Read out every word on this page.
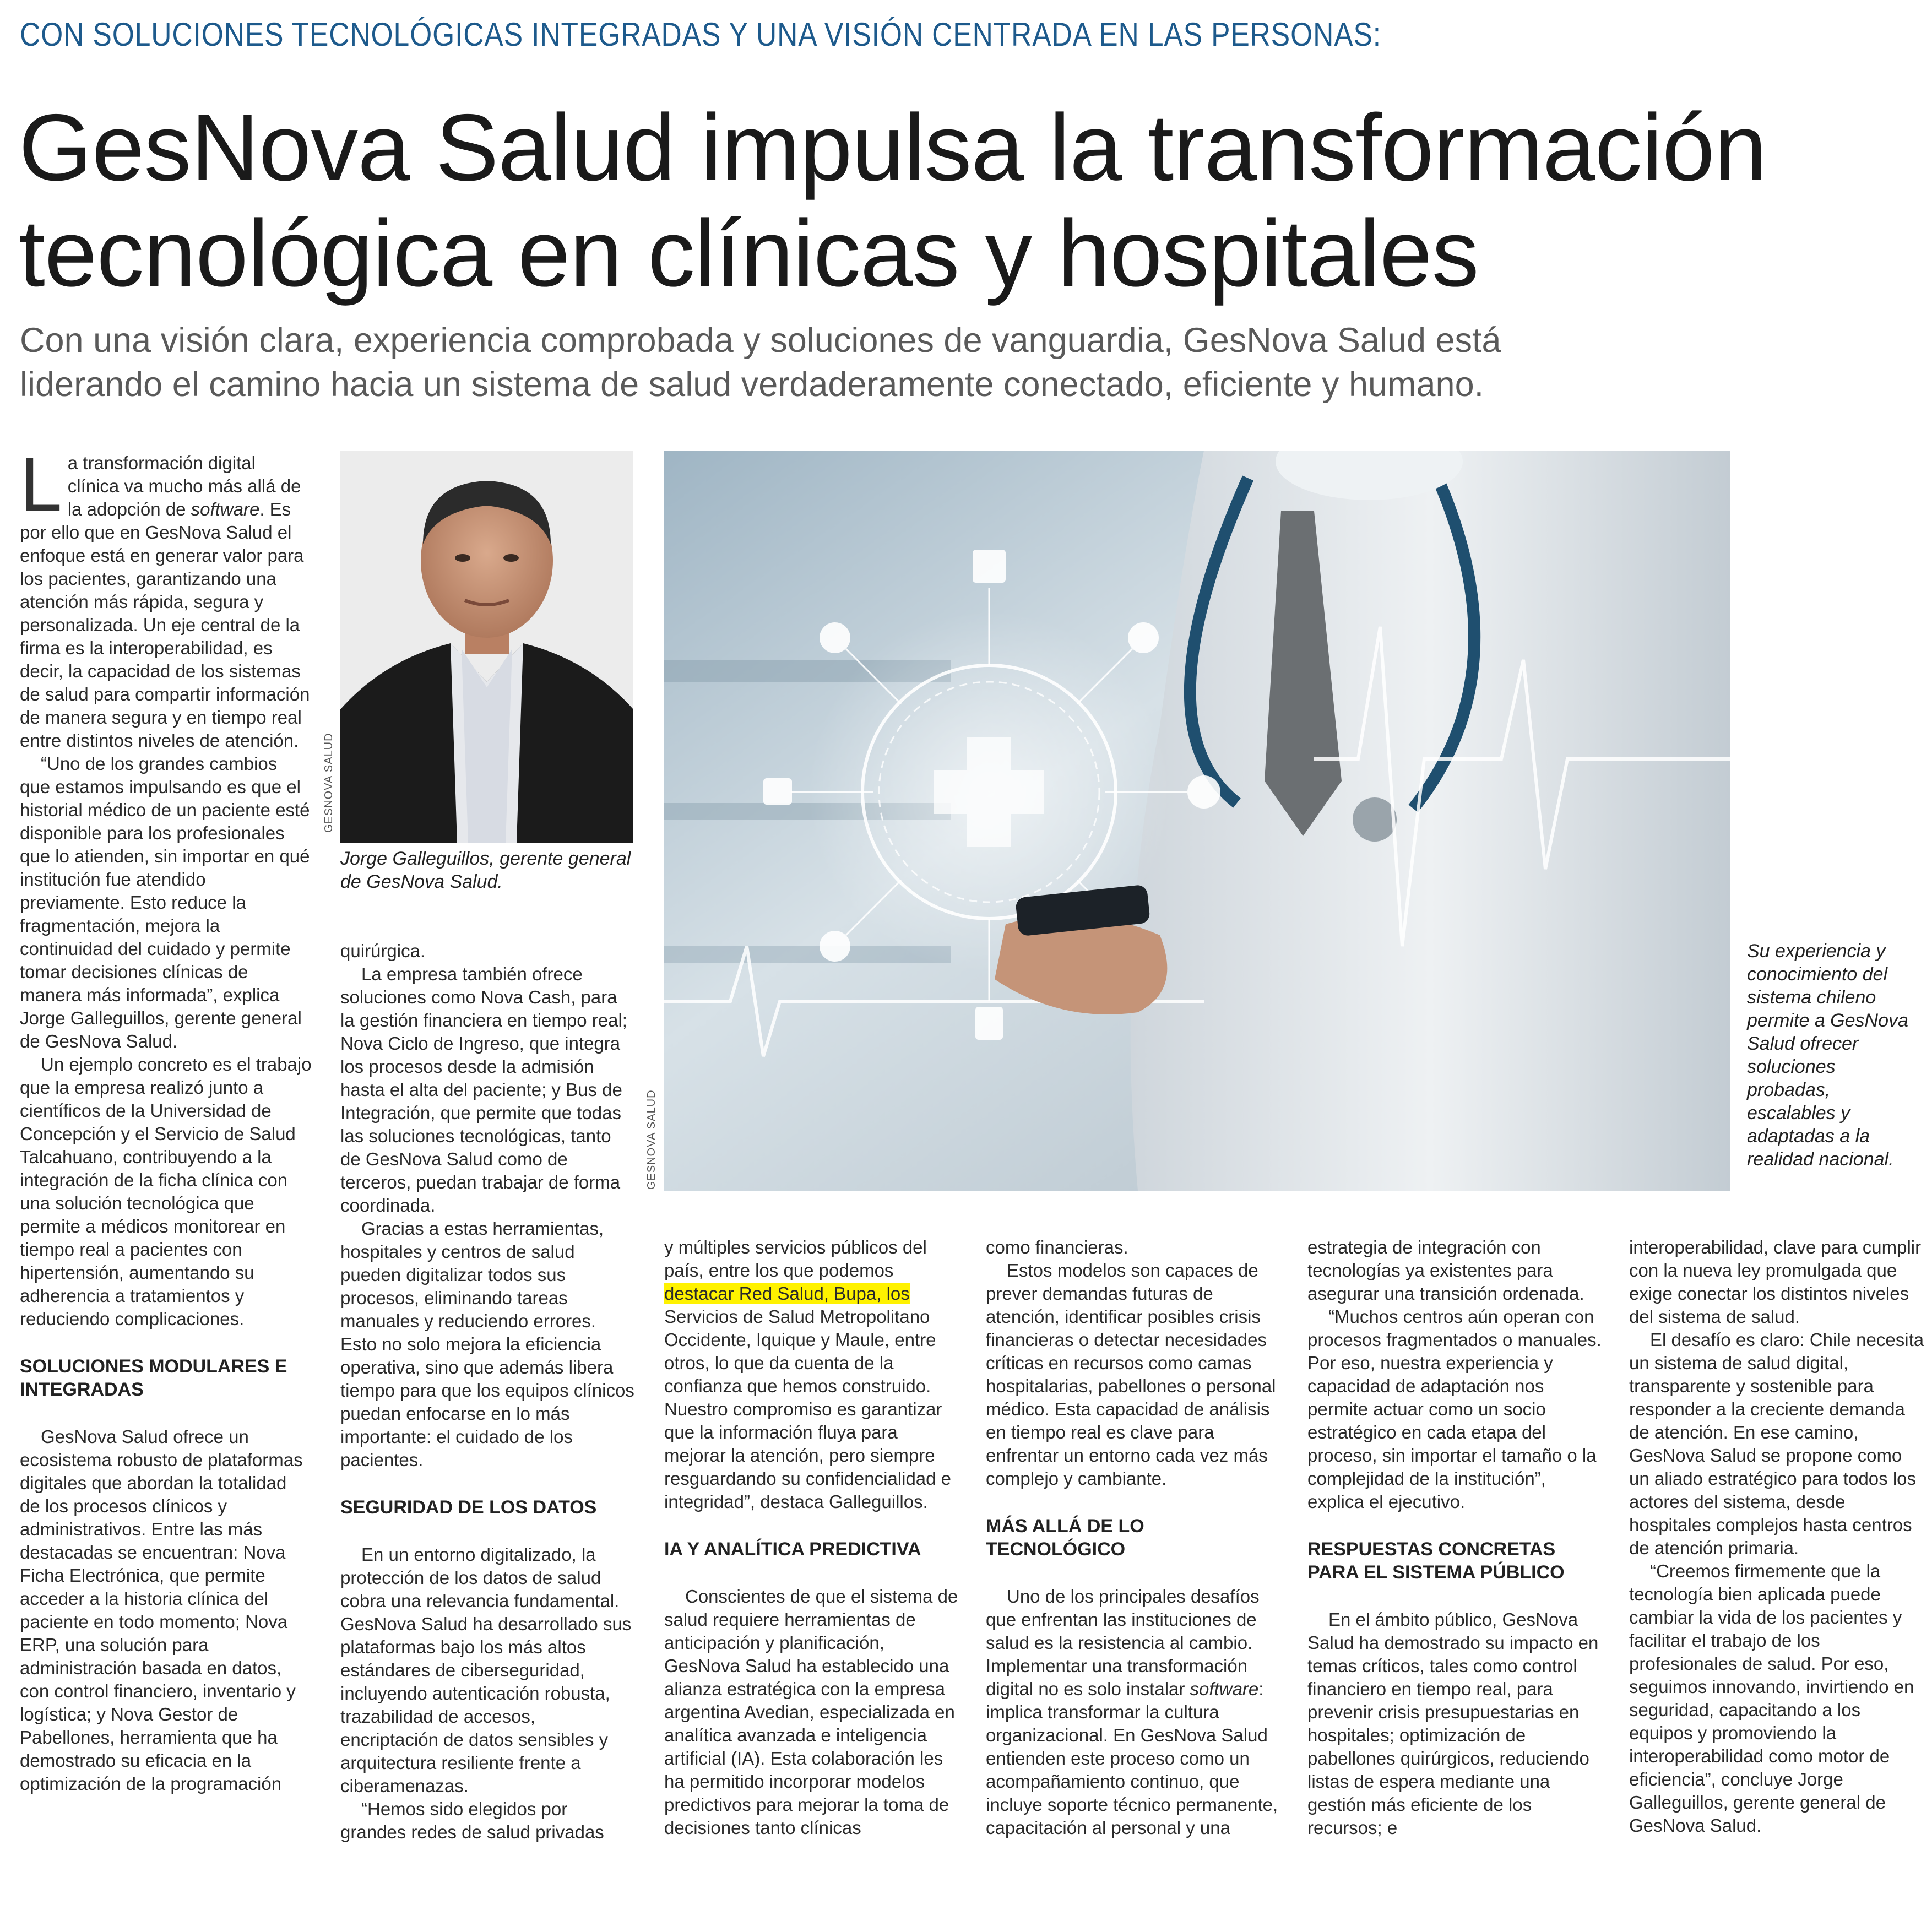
CON SOLUCIONES TECNOLÓGICAS INTEGRADAS Y UNA VISIÓN CENTRADA EN LAS PERSONAS:
GesNova Salud impulsa la transformación
tecnológica en clínicas y hospitales
Con una visión clara, experiencia comprobada y soluciones de vanguardia, GesNova Salud está
liderando el camino hacia un sistema de salud verdaderamente conectado, eficiente y humano.

La transformación digital clínica va mucho más allá de la adopción de software. Es por ello que en GesNova Salud el enfoque está en generar valor para los pacientes, garantizando una atención más rápida, segura y personalizada. Un eje central de la firma es la interoperabilidad, es decir, la capacidad de los sistemas de salud para compartir información de manera segura y en tiempo real entre distintos niveles de atención.

“Uno de los grandes cambios que estamos impulsando es que el historial médico de un paciente esté disponible para los profesionales que lo atienden, sin importar en qué institución fue atendido previamente. Esto reduce la fragmentación, mejora la continuidad del cuidado y permite tomar decisiones clínicas de manera más informada”, explica Jorge Galleguillos, gerente general de GesNova Salud.

Un ejemplo concreto es el trabajo que la empresa realizó junto a científicos de la Universidad de Concepción y el Servicio de Salud Talcahuano, contribuyendo a la integración de la ficha clínica con una solución tecnológica que permite a médicos monitorear en tiempo real a pacientes con hipertensión, aumentando su adherencia a tratamientos y reduciendo complicaciones.

SOLUCIONES MODULARES E INTEGRADAS

GesNova Salud ofrece un ecosistema robusto de plataformas digitales que abordan la totalidad de los procesos clínicos y administrativos. Entre las más destacadas se encuentran: Nova Ficha Electrónica, que permite acceder a la historia clínica del paciente en todo momento; Nova ERP, una solución para administración basada en datos, con control financiero, inventario y logística; y Nova Gestor de Pabellones, herramienta que ha demostrado su eficacia en la optimización de la programación

GESNOVA SALUD
Jorge Galleguillos, gerente general de GesNova Salud.
GESNOVA SALUD
Su experiencia y conocimiento del sistema chileno permite a GesNova Salud ofrecer soluciones probadas, escalables y adaptadas a la realidad nacional.

quirúrgica.

La empresa también ofrece soluciones como Nova Cash, para la gestión financiera en tiempo real; Nova Ciclo de Ingreso, que integra los procesos desde la admisión hasta el alta del paciente; y Bus de Integración, que permite que todas las soluciones tecnológicas, tanto de GesNova Salud como de terceros, puedan trabajar de forma coordinada.

Gracias a estas herramientas, hospitales y centros de salud pueden digitalizar todos sus procesos, eliminando tareas manuales y reduciendo errores. Esto no solo mejora la eficiencia operativa, sino que además libera tiempo para que los equipos clínicos puedan enfocarse en lo más importante: el cuidado de los pacientes.

SEGURIDAD DE LOS DATOS

En un entorno digitalizado, la protección de los datos de salud cobra una relevancia fundamental. GesNova Salud ha desarrollado sus plataformas bajo los más altos estándares de ciberseguridad, incluyendo autenticación robusta, trazabilidad de accesos, encriptación de datos sensibles y arquitectura resiliente frente a ciberamenazas.

“Hemos sido elegidos por grandes redes de salud privadas

y múltiples servicios públicos del país, entre los que podemos destacar Red Salud, Bupa, los Servicios de Salud Metropolitano Occidente, Iquique y Maule, entre otros, lo que da cuenta de la confianza que hemos construido. Nuestro compromiso es garantizar que la información fluya para mejorar la atención, pero siempre resguardando su confidencialidad e integridad”, destaca Galleguillos.

IA Y ANALÍTICA PREDICTIVA

Conscientes de que el sistema de salud requiere herramientas de anticipación y planificación, GesNova Salud ha establecido una alianza estratégica con la empresa argentina Avedian, especializada en analítica avanzada e inteligencia artificial (IA). Esta colaboración les ha permitido incorporar modelos predictivos para mejorar la toma de decisiones tanto clínicas

como financieras.

Estos modelos son capaces de prever demandas futuras de atención, identificar posibles crisis financieras o detectar necesidades críticas en recursos como camas hospitalarias, pabellones o personal médico. Esta capacidad de análisis en tiempo real es clave para enfrentar un entorno cada vez más complejo y cambiante.

MÁS ALLÁ DE LO TECNOLÓGICO

Uno de los principales desafíos que enfrentan las instituciones de salud es la resistencia al cambio. Implementar una transformación digital no es solo instalar software: implica transformar la cultura organizacional. En GesNova Salud entienden este proceso como un acompañamiento continuo, que incluye soporte técnico permanente, capacitación al personal y una

estrategia de integración con tecnologías ya existentes para asegurar una transición ordenada.

“Muchos centros aún operan con procesos fragmentados o manuales. Por eso, nuestra experiencia y capacidad de adaptación nos permite actuar como un socio estratégico en cada etapa del proceso, sin importar el tamaño o la complejidad de la institución”, explica el ejecutivo.

RESPUESTAS CONCRETAS PARA EL SISTEMA PÚBLICO

En el ámbito público, GesNova Salud ha demostrado su impacto en temas críticos, tales como control financiero en tiempo real, para prevenir crisis presupuestarias en hospitales; optimización de pabellones quirúrgicos, reduciendo listas de espera mediante una gestión más eficiente de los recursos; e

interoperabilidad, clave para cumplir con la nueva ley promulgada que exige conectar los distintos niveles del sistema de salud.

El desafío es claro: Chile necesita un sistema de salud digital, transparente y sostenible para responder a la creciente demanda de atención. En ese camino, GesNova Salud se propone como un aliado estratégico para todos los actores del sistema, desde hospitales complejos hasta centros de atención primaria.

“Creemos firmemente que la tecnología bien aplicada puede cambiar la vida de los pacientes y facilitar el trabajo de los profesionales de salud. Por eso, seguimos innovando, invirtiendo en seguridad, capacitando a los equipos y promoviendo la interoperabilidad como motor de eficiencia”, concluye Jorge Galleguillos, gerente general de GesNova Salud.
